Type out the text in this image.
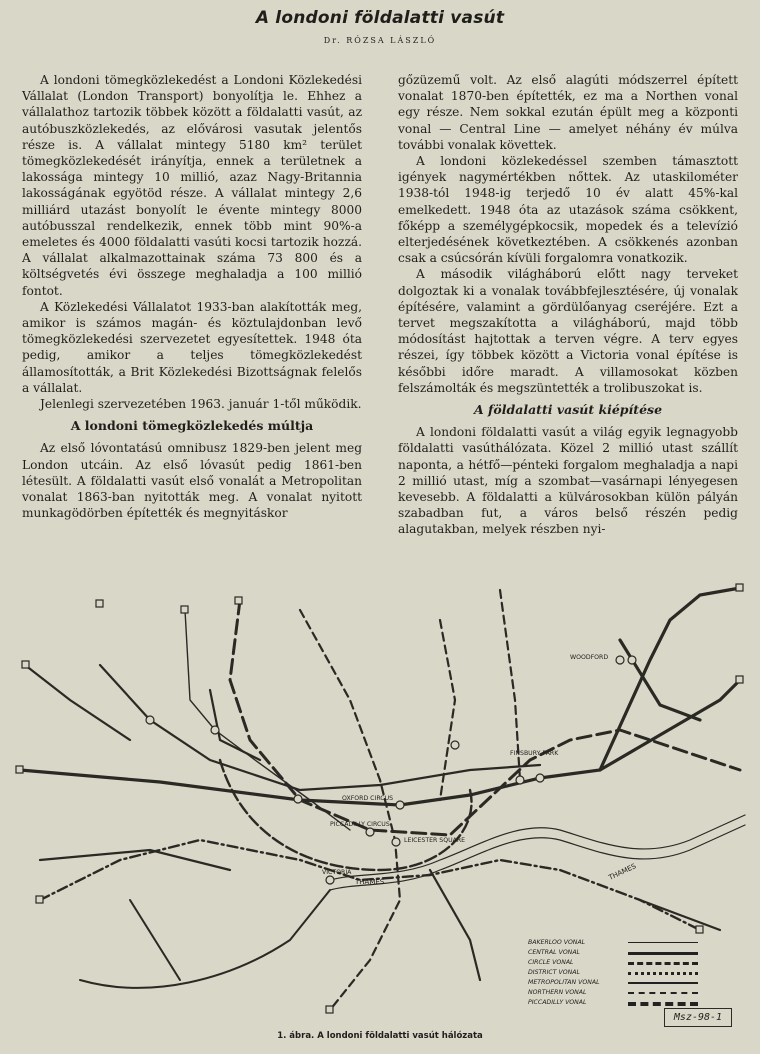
A londoni földalatti vasút
Dr. RÓZSA LÁSZLÓ

A londoni tömegközlekedést a Londoni Közlekedési Vállalat (London Transport) bonyolítja le. Ehhez a vállalathoz tartozik többek között a földalatti vasút, az autóbuszközlekedés, az elővárosi vasutak jelentős része is. A vállalat mintegy 5180 km² terület tömegközlekedését irányítja, ennek a területnek a lakossága mintegy 10 millió, azaz Nagy-Britannia lakosságának egyötöd része. A vállalat mintegy 2,6 milliárd utazást bonyolít le évente mintegy 8000 autóbusszal rendelkezik, ennek több mint 90%-a emeletes és 4000 földalatti vasúti kocsi tartozik hozzá. A vállalat alkalmazottainak száma 73 800 és a költségvetés évi összege meghaladja a 100 millió fontot.

A Közlekedési Vállalatot 1933-ban alakították meg, amikor is számos magán- és köztulajdonban levő tömegközlekedési szervezetet egyesítettek. 1948 óta pedig, amikor a teljes tömegközlekedést államosították, a Brit Közlekedési Bizottságnak felelős a vállalat.

Jelenlegi szervezetében 1963. január 1-től működik.

A londoni tömegközlekedés múltja

Az első lóvontatású omnibusz 1829-ben jelent meg London utcáin. Az első lóvasút pedig 1861-ben létesült. A földalatti vasút első vonalát a Metropolitan vonalat 1863-ban nyitották meg. A vonalat nyitott munkagödörben építették és megnyitáskor

gőzüzemű volt. Az első alagúti módszerrel épített vonalat 1870-ben építették, ez ma a Northen vonal egy része. Nem sokkal ezután épült meg a központi vonal — Central Line — amelyet néhány év múlva további vonalak követtek.

A londoni közlekedéssel szemben támasztott igények nagymértékben nőttek. Az utaskilométer 1938-tól 1948-ig terjedő 10 év alatt 45%-kal emelkedett. 1948 óta az utazások száma csökkent, főképp a személygépkocsik, mopedek és a televízió elterjedésének következtében. A csökkenés azonban csak a csúcsórán kívüli forgalomra vonatkozik.

A második világháború előtt nagy terveket dolgoztak ki a vonalak továbbfejlesztésére, új vonalak építésére, valamint a gördülőanyag cseréjére. Ezt a tervet megszakította a világháború, majd több módosítást hajtottak a terven végre. A terv egyes részei, így többek között a Victoria vonal építése is későbbi időre maradt. A villamosokat közben felszámolták és megszüntették a trolibuszokat is.

A földalatti vasút kiépítése

A londoni földalatti vasút a világ egyik legnagyobb földalatti vasúthálózata. Közel 2 millió utast szállít naponta, a hétfő—pénteki forgalom meghaladja a napi 2 millió utast, míg a szombat—vasárnapi lényegesen kevesebb. A földalatti a külvárosokban külön pályán szabadban fut, a város belső részén pedig alagutakban, melyek részben nyi-

WOODFORD
FINSBURY PARK
OXFORD CIRCUS
PICCADILLY CIRCUS
LEICESTER SQUARE
VICTORIA
THAMES
THAMES
BAKERLOO VONAL
CENTRAL VONAL
CIRCLE VONAL
DISTRICT VONAL
METROPOLITAN VONAL
NORTHERN VONAL
PICCADILLY VONAL
Msz-98-1
1. ábra. A londoni földalatti vasút hálózata
